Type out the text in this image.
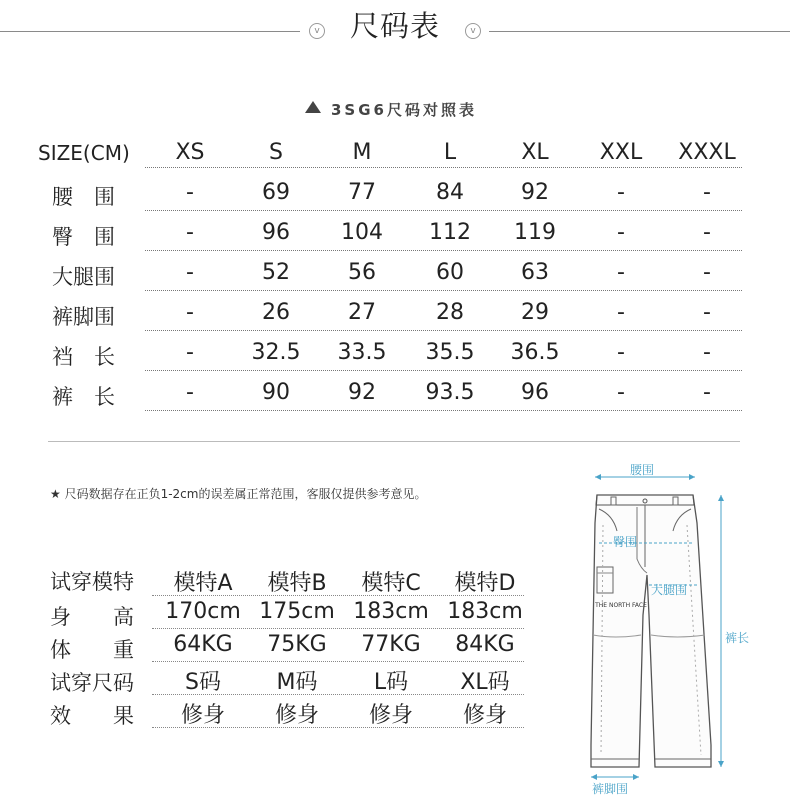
v	尺码表	v
3SG6尺码对照表
SIZE(CM)	XS	S	M	L	XL	XXL	XXXL
腰　围	-	69	77	84	92	-	-
臀　围	-	96	104	112	119	-	-
大腿围	-	52	56	60	63	-	-
裤脚围	-	26	27	28	29	-	-
裆　长	-	32.5	33.5	35.5	36.5	-	-
裤　长	-	90	92	93.5	96	-	-
★ 尺码数据存在正负1-2cm的误差属正常范围，客服仅提供参考意见。
试穿模特	模特A	模特B	模特C	模特D
身　　高	170cm 175cm 183cm 183cm
体　　重	64KG	75KG	77KG	84KG
试穿尺码	S码	M码	L码	XL码
效　　果	修身	修身	修身	修身
THE NORTH FACE
腰围
臀围
大腿围
裤长
裤脚围
